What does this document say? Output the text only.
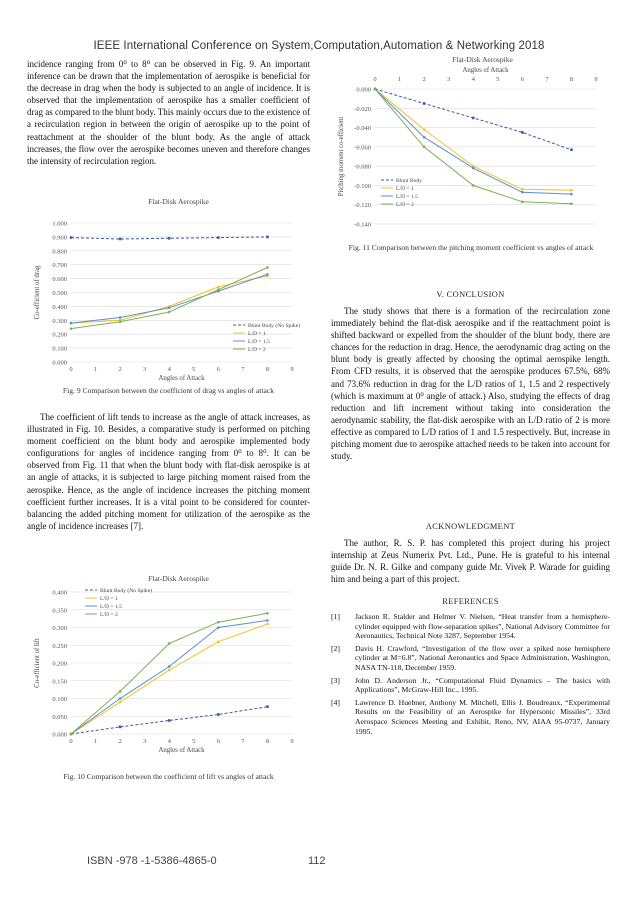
IEEE International Conference on System,Computation,Automation & Networking 2018

incidence ranging from 0⁰ to 8⁰ can be observed in Fig. 9. An important inference can be drawn that the implementation of aerospike is beneficial for the decrease in drag when the body is subjected to an angle of incidence. It is observed that the implementation of aerospike has a smaller coefficient of drag as compared to the blunt body. This mainly occurs due to the existence of a recirculation region in between the origin of aerospike up to the point of reattachment at the shoulder of the blunt body. As the angle of attack increases, the flow over the aerospike becomes uneven and therefore changes the intensity of recirculation region.

Flat-Disk Aerospike
0.000
0.100
0.200
0.300
0.400
0.500
0.600
0.700
0.800
0.900
1.000
0	1	2	3	4	5	6	7	8	9
Angles of Attack
Co-efficient of drag
Blunt Body (No Spike)
L/D = 1
L/D = 1.5
L/D = 2
Fig. 9 Comparison between the coefficient of drag vs angles of attack

The coefficient of lift tends to increase as the angle of attack increases, as illustrated in Fig. 10. Besides, a comparative study is performed on pitching moment coefficient on the blunt body and aerospike implemented body configurations for angles of incidence ranging from 0⁰ to 8⁰. It can be observed from Fig. 11 that when the blunt body with flat-disk aerospike is at an angle of attacks, it is subjected to large pitching moment raised from the aerospike. Hence, as the angle of incidence increases the pitching moment coefficient further increases. It is a vital point to be considered for counter-balancing the added pitching moment for utilization of the aerospike as the angle of incidence increases [7].

Flat-Disk Aerospike
0.000
0.050
0.100
0.150
0.200
0.250
0.300
0.350
0.400
0	1	2	3	4	5	6	7	8	9
Angles of Attack
Co-efficient of lift
Blunt Body (No Spike)
L/D = 1
L/D = 1.5
L/D = 2
Fig. 10 Comparison between the coefficient of lift vs angles of attack
Flat-Disk Aerospike
0.000
-0.020
-0.040
-0.060
-0.080
-0.100
-0.120
-0.140
0	1	2	3	4	5	6	7	8	9
Angles of Attack
Pitching moment co-efficient	Blunt Body
L/D = 1
L/D = 1.5
L/D = 2
Fig. 11 Comparison between the pitching moment coefficient vs angles of attack
V. CONCLUSION

The study shows that there is a formation of the recirculation zone immediately behind the flat-disk aerospike and if the reattachment point is shifted backward or expelled from the shoulder of the blunt body, there are chances for the reduction in drag. Hence, the aerodynamic drag acting on the blunt body is greatly affected by choosing the optimal aerospike length. From CFD results, it is observed that the aerospike produces 67.5%, 68% and 73.6% reduction in drag for the L/D ratios of 1, 1.5 and 2 respectively (which is maximum at 0⁰ angle of attack.) Also, studying the effects of drag reduction and lift increment without taking into consideration the aerodynamic stability, the flat-disk aerospike with an L/D ratio of 2 is more effective as compared to L/D ratios of 1 and 1.5 respectively. But, increase in pitching moment due to aerospike attached needs to be taken into account for study.

ACKNOWLEDGMENT

The author, R. S. P. has completed this project during his project internship at Zeus Numerix Pvt. Ltd., Pune. He is grateful to his internal guide Dr. N. R. Gilke and company guide Mr. Vivek P. Warade for guiding him and being a part of this project.

REFERENCES
[1] Jackson R. Stalder and Helmer V. Nielsen, “Heat transfer from a hemisphere-cylinder equipped with flow-separation spikes”, National Advisory Committee for Aeronautics, Technical Note 3287, September 1954.
[2] Davis H. Crawford, “Investigation of the flow over a spiked nose hemisphere cylinder at M=6.8”, National Aeronautics and Space Administration, Washington, NASA TN-118, December 1959.
[3] John D. Anderson Jr., “Computational Fluid Dynamics – The basics with Applications”, McGraw-Hill Inc., 1995.
[4] Lawrence D. Huebner, Anthony M. Mitchell, Ellis J. Boudreaux, “Experimental Results on the Feasibility of an Aerospike for Hypersonic Missiles”, 33rd Aerospace Sciences Meeting and Exhibit, Reno, NV, AIAA 95-0737, January 1995.
ISBN -978 -1-5386-4865-0	112
